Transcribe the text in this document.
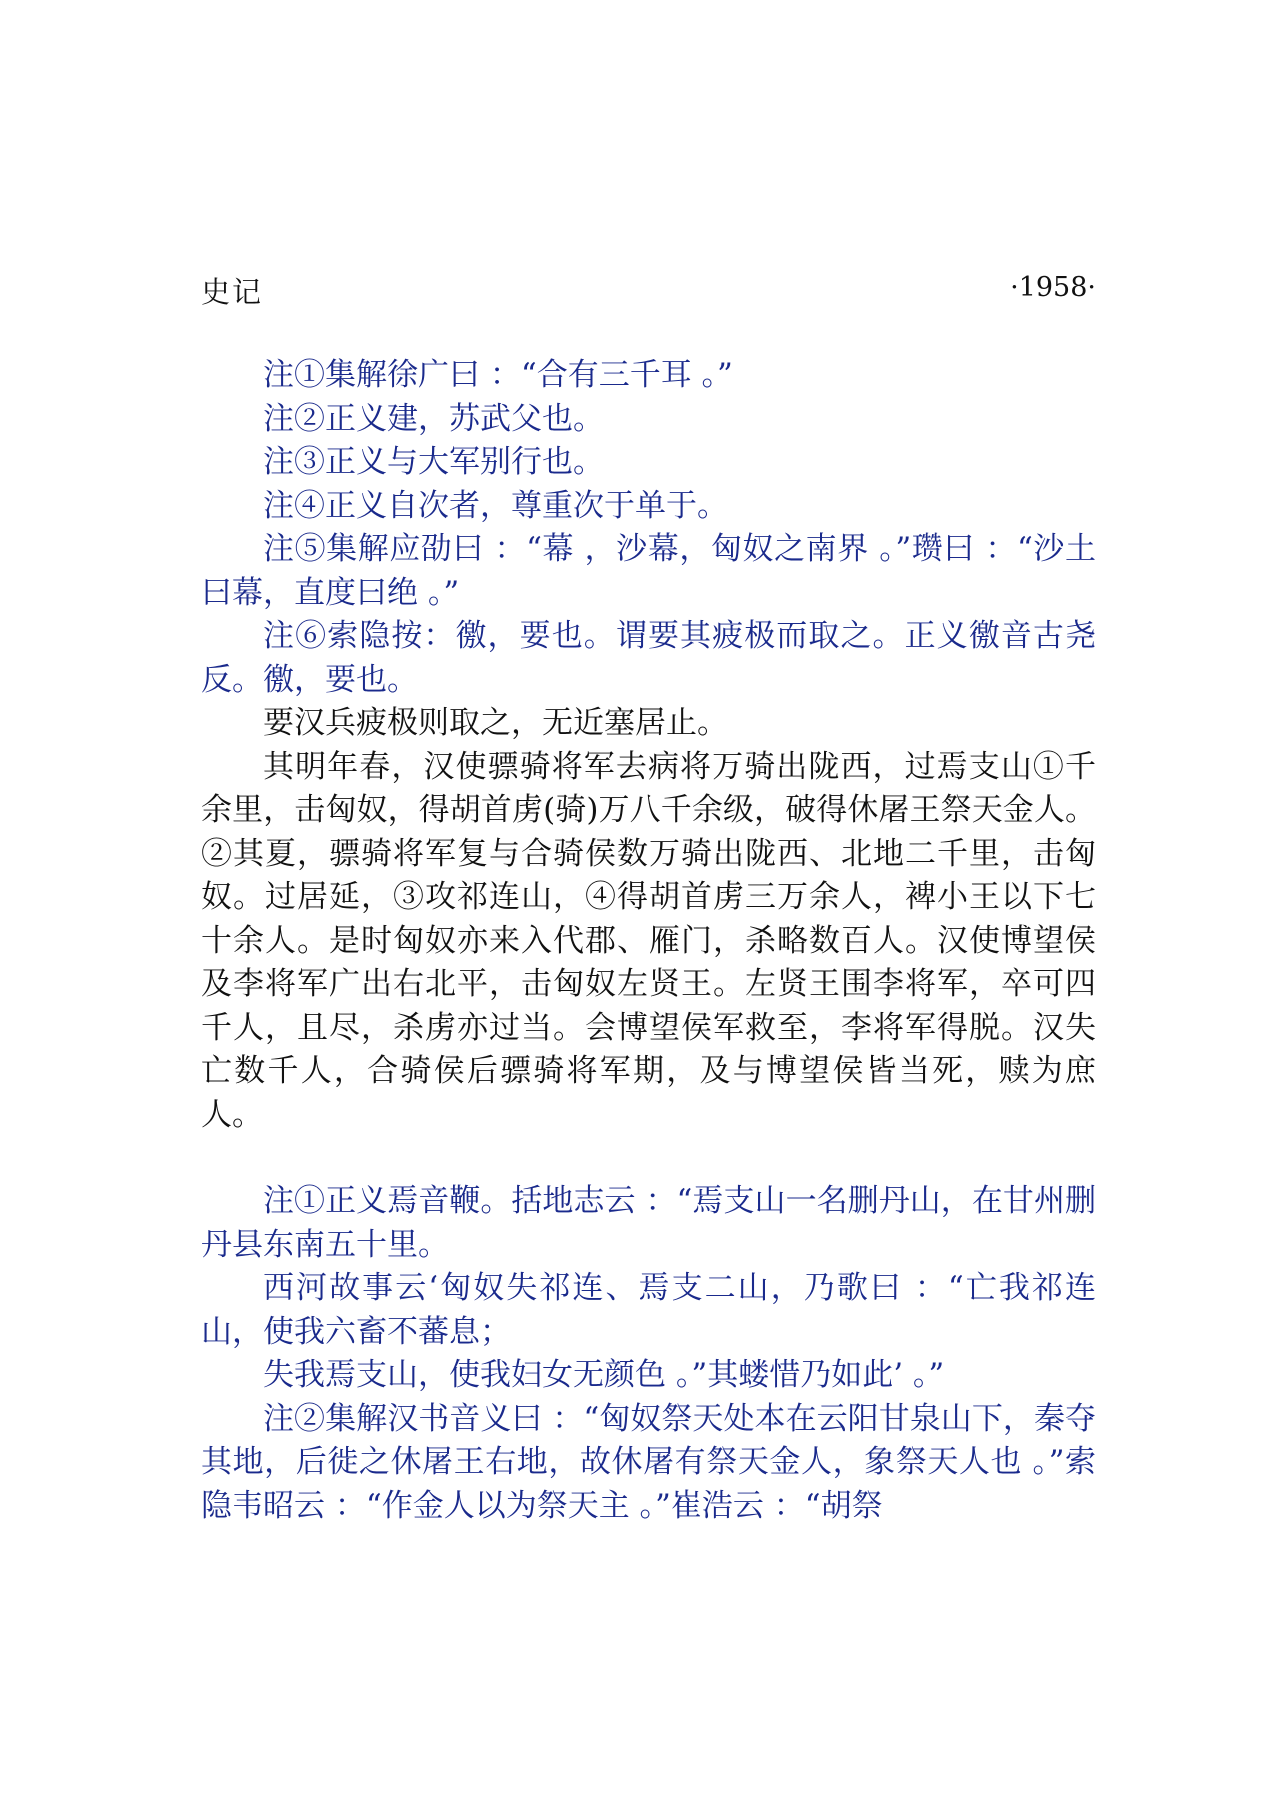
史记	·1958·

注①集解徐广曰 ：“合有三千耳 。”

注②正义建，苏武父也。

注③正义与大军别行也。

注④正义自次者，尊重次于单于。

注⑤集解应劭曰 ：“幕 ，沙幕，匈奴之南界 。”瓒曰 ：“沙土曰幕，直度曰绝 。”

注⑥索隐按：徼，要也。谓要其疲极而取之。正义徼音古尧反。徼，要也。

要汉兵疲极则取之，无近塞居止。

其明年春，汉使骠骑将军去病将万骑出陇西，过焉支山①千余里，击匈奴，得胡首虏(骑)万八千余级，破得休屠王祭天金人。②其夏，骠骑将军复与合骑侯数万骑出陇西、北地二千里，击匈奴。过居延，③攻祁连山，④得胡首虏三万余人，裨小王以下七十余人。是时匈奴亦来入代郡、雁门，杀略数百人。汉使博望侯及李将军广出右北平，击匈奴左贤王。左贤王围李将军，卒可四千人，且尽，杀虏亦过当。会博望侯军救至，李将军得脱。汉失亡数千人，合骑侯后骠骑将军期，及与博望侯皆当死，赎为庶人。

注①正义焉音鞭。括地志云 ：“焉支山一名删丹山，在甘州删丹县东南五十里。

西河故事云‘匈奴失祁连、焉支二山，乃歌曰 ：“亡我祁连山，使我六畜不蕃息；

失我焉支山，使我妇女无颜色 。”其蝼惜乃如此’ 。”

注②集解汉书音义曰 ：“匈奴祭天处本在云阳甘泉山下，秦夺其地，后徙之休屠王右地，故休屠有祭天金人，象祭天人也 。”索隐韦昭云 ：“作金人以为祭天主 。”崔浩云 ：“胡祭
